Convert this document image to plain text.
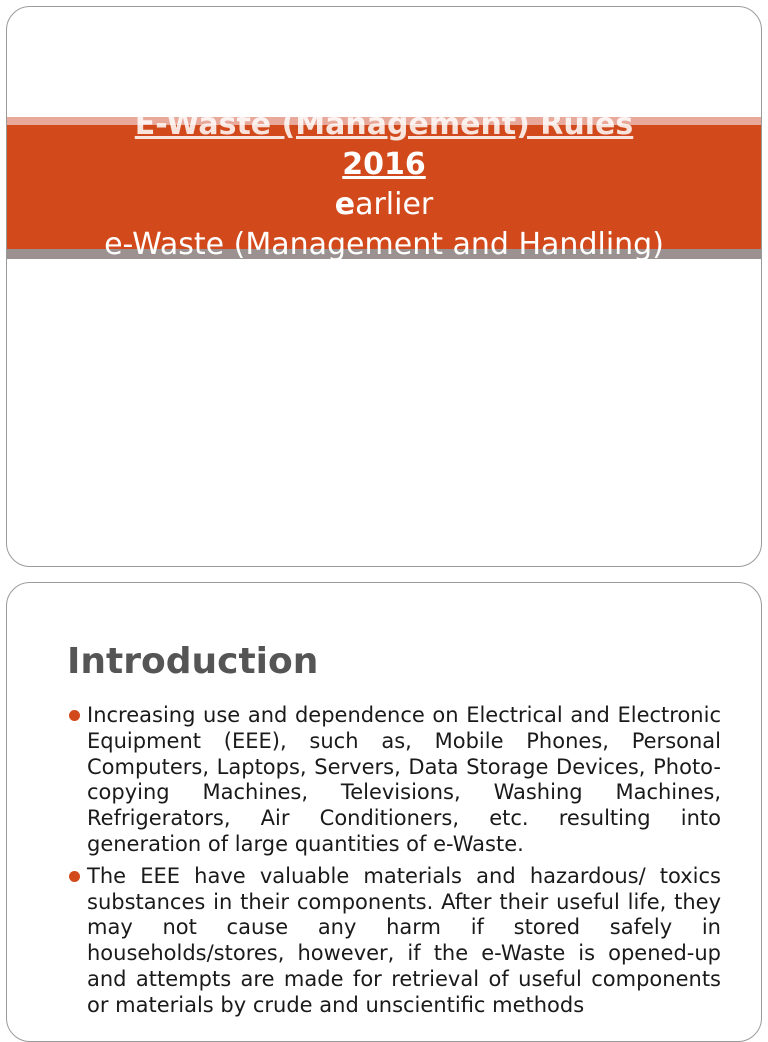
E-Waste (Management) Rules
2016
earlier
e-Waste (Management and Handling)
Rules, 2011
Introduction
Increasing use and dependence on Electrical and Electronic Equipment (EEE), such as, Mobile Phones, Personal Computers, Laptops, Servers, Data Storage Devices, Photo-copying Machines, Televisions, Washing Machines, Refrigerators, Air Conditioners, etc. resulting into generation of large quantities of e-Waste.
The EEE have valuable materials and hazardous/ toxics substances in their components. After their useful life, they may not cause any harm if stored safely in households/stores, however, if the e-Waste is opened-up and attempts are made for retrieval of useful components or materials by crude and unscientific methods
